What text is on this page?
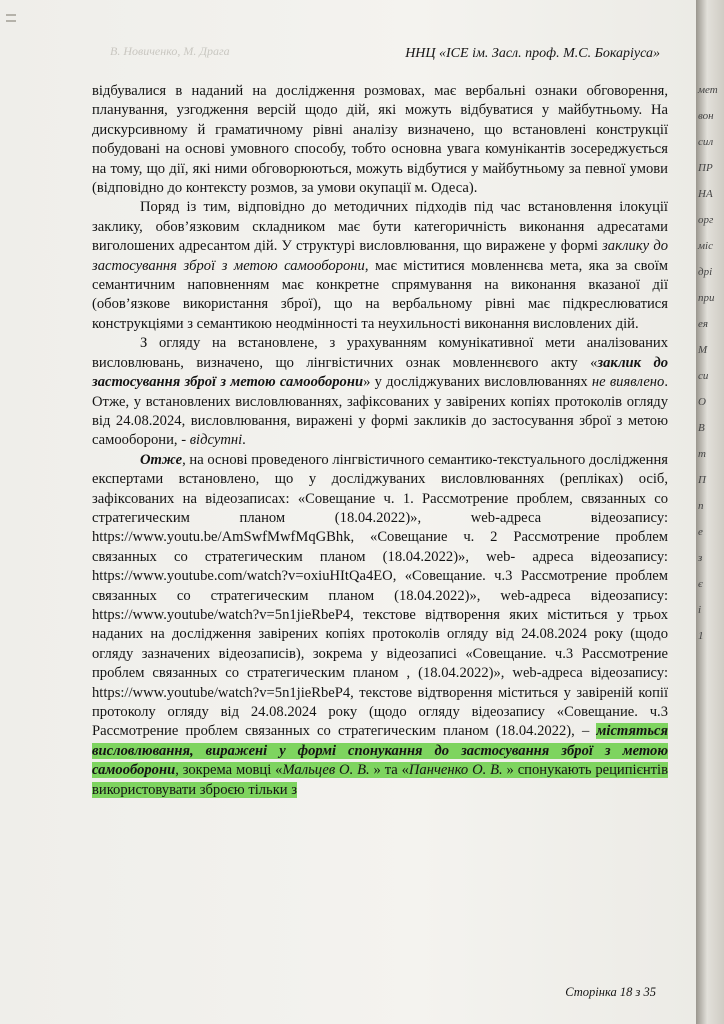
В. Новиченко, М. Драга	ННЦ «ІСЕ ім. Засл. проф. М.С. Бокаріуса»

відбувалися в наданий на дослідження розмовах, має вербальні ознаки обговорення, планування, узгодження версій щодо дій, які можуть відбуватися у майбутньому. На дискурсивному й граматичному рівні аналізу визначено, що встановлені конструкції побудовані на основі умовного способу, тобто основна увага комунікантів зосереджується на тому, що дії, які ними обговорюються, можуть відбутися у майбутньому за певної умови (відповідно до контексту розмов, за умови окупації м. Одеса).

Поряд із тим, відповідно до методичних підходів під час встановлення ілокуції заклику, обов’язковим складником має бути категоричність виконання адресатами виголошених адресантом дій. У структурі висловлювання, що виражене у формі заклику до застосування зброї з метою самооборони, має міститися мовленнєва мета, яка за своїм семантичним наповненням має конкретне спрямування на виконання вказаної дії (обов’язкове використання зброї), що на вербальному рівні має підкреслюватися конструкціями з семантикою неодмінності та неухильності виконання висловлених дій.

З огляду на встановлене, з урахуванням комунікативної мети аналізованих висловлювань, визначено, що лінгвістичних ознак мовленнєвого акту «заклик до застосування зброї з метою самооборони» у досліджуваних висловлюваннях не виявлено. Отже, у встановлених висловлюваннях, зафіксованих у завірених копіях протоколів огляду від 24.08.2024, висловлювання, виражені у формі закликів до застосування зброї з метою самооборони, - відсутні.

Отже, на основі проведеного лінгвістичного семантико-текстуального дослідження експертами встановлено, що у досліджуваних висловлюваннях (репліках) осіб, зафіксованих на відеозаписах: «Совещание ч. 1. Рассмотрение проблем, связанных со стратегическим планом (18.04.2022)», web-адреса відеозапису: https://www.youtu.be/AmSwfMwfMqGBhk, «Совещание ч. 2 Рассмотрение проблем связанных со стратегическим планом (18.04.2022)», web- адреса відеозапису: https://www.youtube.com/watch?v=oxiuHItQa4EO, «Совещание. ч.3 Рассмотрение проблем связанных со стратегическим планом (18.04.2022)», web-адреса відеозапису: https://www.youtube/watch?v=5n1jieRbeP4, текстове відтворення яких міститься у трьох наданих на дослідження завірених копіях протоколів огляду від 24.08.2024 року (щодо огляду зазначених відеозаписів), зокрема у відеозаписі «Совещание. ч.3 Рассмотрение проблем связанных со стратегическим планом , (18.04.2022)», web-адреса відеозапису: https://www.youtube/watch?v=5n1jieRbeP4, текстове відтворення міститься у завіреній копії протоколу огляду від 24.08.2024 року (щодо огляду відеозапису «Совещание. ч.3 Рассмотрение проблем связанных со стратегическим планом (18.04.2022), – містяться висловлювання, виражені у формі спонукання до застосування зброї з метою самооборони, зокрема мовці «Мальцев О. В. » та «Панченко О. В. » спонукають реципієнтів використовувати зброєю тільки з

Сторінка 18 з 35
мет
вон
сил
ПР
НА
орг
міс
дрі
при
ея
М
си
О
В
т
П
п
е
з
є
і
1
